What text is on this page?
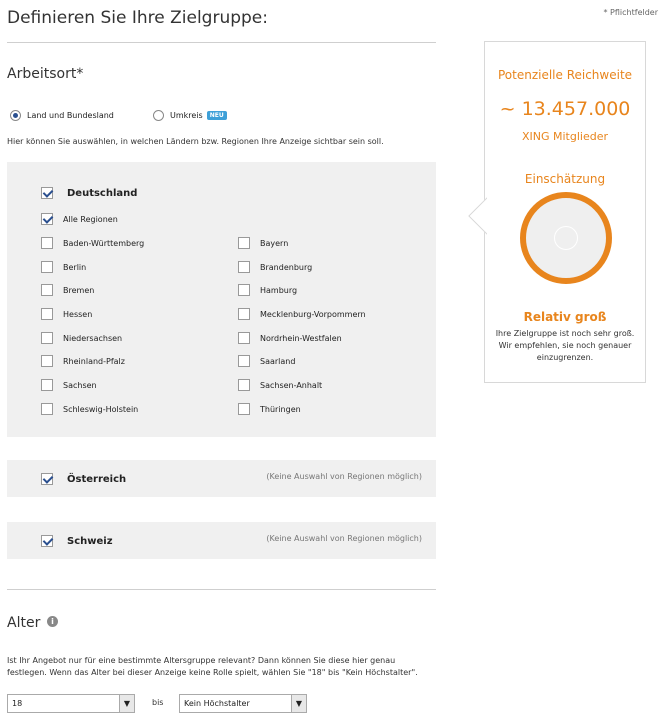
Definieren Sie Ihre Zielgruppe:	* Pflichtfelder
Arbeitsort*
Land und Bundesland	Umkreis	NEU
Hier können Sie auswählen, in welchen Ländern bzw. Regionen Ihre Anzeige sichtbar sein soll.
Deutschland
Alle Regionen
Baden-Württemberg
Berlin
Bremen
Hessen
Niedersachsen
Rheinland-Pfalz
Sachsen
Schleswig-Holstein
Bayern
Brandenburg
Hamburg
Mecklenburg-Vorpommern
Nordrhein-Westfalen
Saarland
Sachsen-Anhalt
Thüringen
Österreich	(Keine Auswahl von Regionen möglich)
Schweiz	(Keine Auswahl von Regionen möglich)
Alter	i
Ist Ihr Angebot nur für eine bestimmte Altersgruppe relevant? Dann können Sie diese hier genau
festlegen. Wenn das Alter bei dieser Anzeige keine Rolle spielt, wählen Sie "18" bis "Kein Höchstalter".
18	▼	bis	Kein Höchstalter	▼
Potenzielle Reichweite
~ 13.457.000
XING Mitglieder
Einschätzung
Relativ groß
Ihre Zielgruppe ist noch sehr groß.
Wir empfehlen, sie noch genauer
einzugrenzen.
